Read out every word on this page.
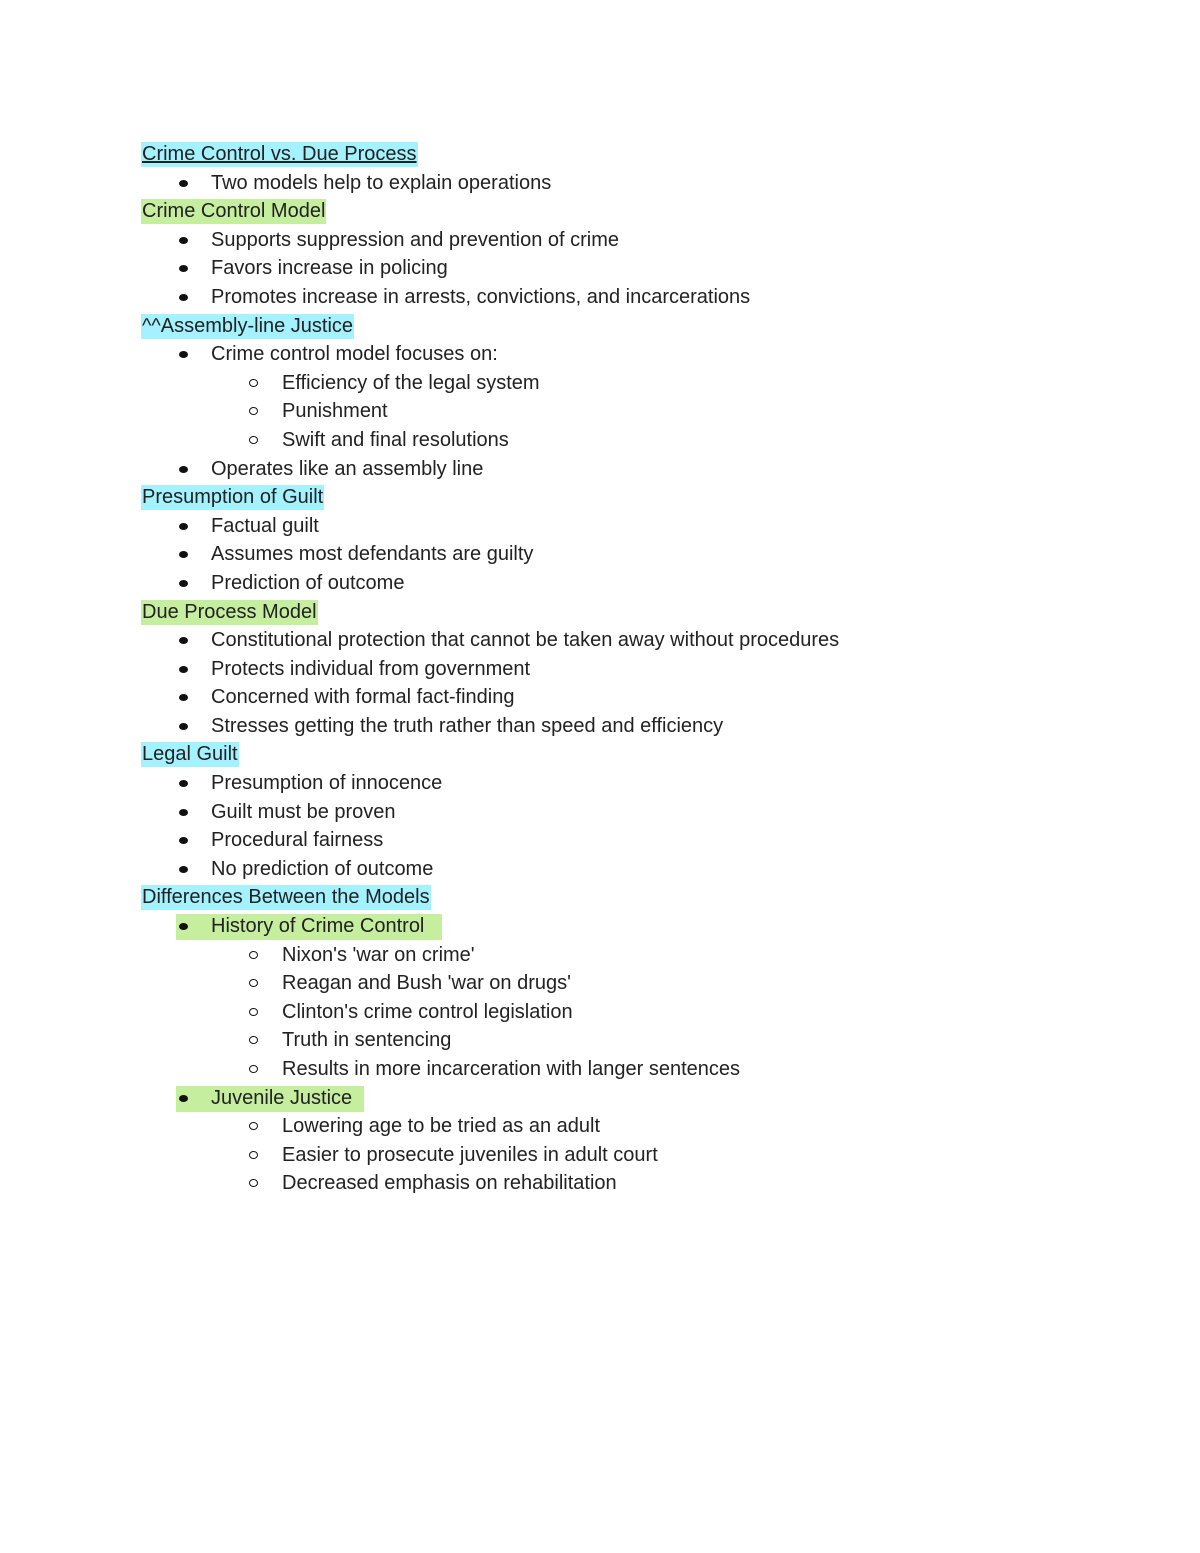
Crime Control vs. Due Process
Two models help to explain operations
Crime Control Model
Supports suppression and prevention of crime
Favors increase in policing
Promotes increase in arrests, convictions, and incarcerations
^^Assembly-line Justice
Crime control model focuses on:
Efficiency of the legal system
Punishment
Swift and final resolutions
Operates like an assembly line
Presumption of Guilt
Factual guilt
Assumes most defendants are guilty
Prediction of outcome
Due Process Model
Constitutional protection that cannot be taken away without procedures
Protects individual from government
Concerned with formal fact-finding
Stresses getting the truth rather than speed and efficiency
Legal Guilt
Presumption of innocence
Guilt must be proven
Procedural fairness
No prediction of outcome
Differences Between the Models
History of Crime Control
Nixon's 'war on crime'
Reagan and Bush 'war on drugs'
Clinton's crime control legislation
Truth in sentencing
Results in more incarceration with langer sentences
Juvenile Justice
Lowering age to be tried as an adult
Easier to prosecute juveniles in adult court
Decreased emphasis on rehabilitation
